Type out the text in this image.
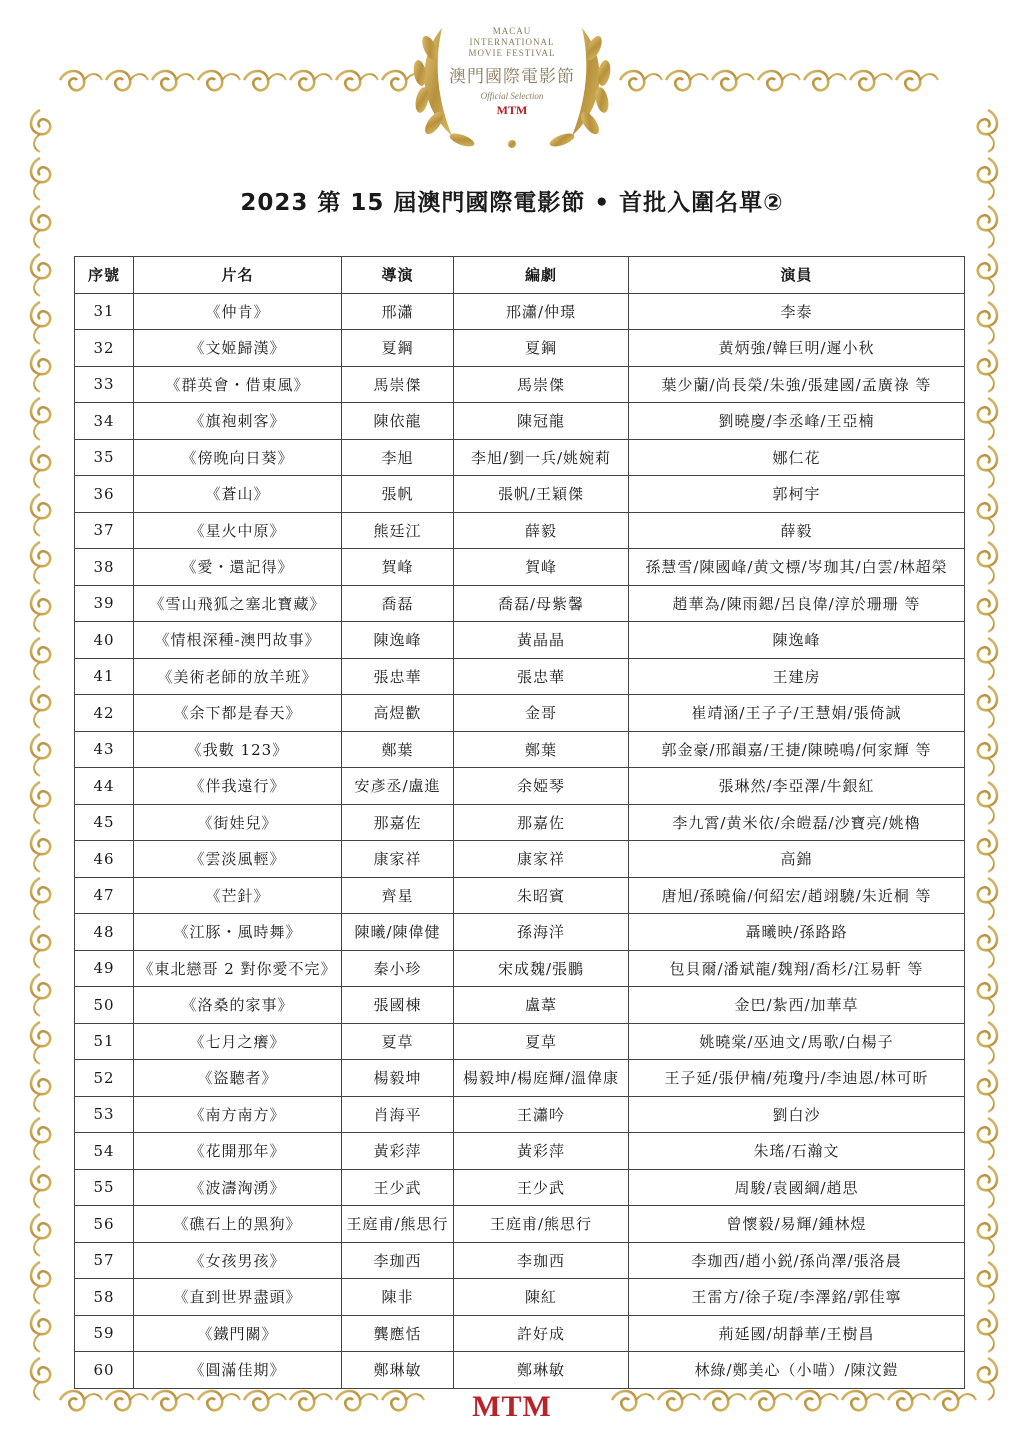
MACAU
INTERNATIONAL
MOVIE FESTIVAL
澳門國際電影節
Official Selection
MTM
2023 第 15 屆澳門國際電影節 • 首批入圍名單②
序號	片名	導演	編劇	演員
31	《仲肯》	邢瀟	邢瀟/仲璟	李泰
32	《文姬歸漢》	夏鋼	夏鋼	黄炳強/韓巨明/遲小秋
33	《群英會・借東風》	馬崇傑	馬崇傑	葉少蘭/尚長榮/朱強/張建國/孟廣祿 等
34	《旗袍刺客》	陳依龍	陳冠龍	劉曉慶/李丞峰/王亞楠
35	《傍晚向日葵》	李旭	李旭/劉一兵/姚婉莉	娜仁花
36	《蒼山》	張帆	張帆/王穎傑	郭柯宇
37	《星火中原》	熊廷江	薛毅	薛毅
38	《愛・還記得》	賀峰	賀峰	孫慧雪/陳國峰/黄文標/岑珈其/白雲/林超榮
39	《雪山飛狐之塞北寶藏》	喬磊	喬磊/母紫馨	趙華為/陳雨鍶/呂良偉/淳於珊珊 等
40	《情根深種-澳門故事》	陳逸峰	黃晶晶	陳逸峰
41	《美術老師的放羊班》	張忠華	張忠華	王建房
42	《余下都是春天》	高煜歡	金哥	崔靖涵/王子子/王慧娟/張倚誠
43	《我數 123》	鄭葉	鄭葉	郭金豪/邢韻嘉/王捷/陳曉鳴/何家輝 等
44	《伴我遠行》	安彥丞/盧進	余婭琴	張琳然/李亞澤/牛銀紅
45	《街娃兒》	那嘉佐	那嘉佐	李九霄/黄米依/余皚磊/沙寶亮/姚櫓
46	《雲淡風輕》	康家祥	康家祥	高錦
47	《芒針》	齊星	朱昭賓	唐旭/孫曉倫/何紹宏/趙翊驍/朱近桐 等
48	《江豚・風時舞》	陳曦/陳偉健	孫海洋	聶曦映/孫路路
49	《東北戀哥 2 對你愛不完》	秦小珍	宋成魏/張鵬	包貝爾/潘斌龍/魏翔/喬杉/江易軒 等
50	《洛桑的家事》	張國棟	盧葦	金巴/紮西/加華草
51	《七月之癢》	夏草	夏草	姚曉棠/巫迪文/馬歌/白楊子
52	《盜聽者》	楊毅坤	楊毅坤/楊庭輝/溫偉康	王子延/張伊楠/苑瓊丹/李迪恩/林可昕
53	《南方南方》	肖海平	王瀟吟	劉白沙
54	《花開那年》	黃彩萍	黃彩萍	朱瑤/石瀚文
55	《波濤洶湧》	王少武	王少武	周駿/袁國綱/趙思
56	《礁石上的黑狗》	王庭甫/熊思行	王庭甫/熊思行	曾懷毅/易輝/鍾林煜
57	《女孩男孩》	李珈西	李珈西	李珈西/趙小鋭/孫尚澤/張洛晨
58	《直到世界盡頭》	陳非	陳紅	王雷方/徐子琁/李澤銘/郭佳寧
59	《鐵門關》	龔應恬	許好成	荊延國/胡靜華/王樹昌
60	《圓滿佳期》	鄭琳敏	鄭琳敏	林綠/鄭美心（小喵）/陳汶鎧
MTM
